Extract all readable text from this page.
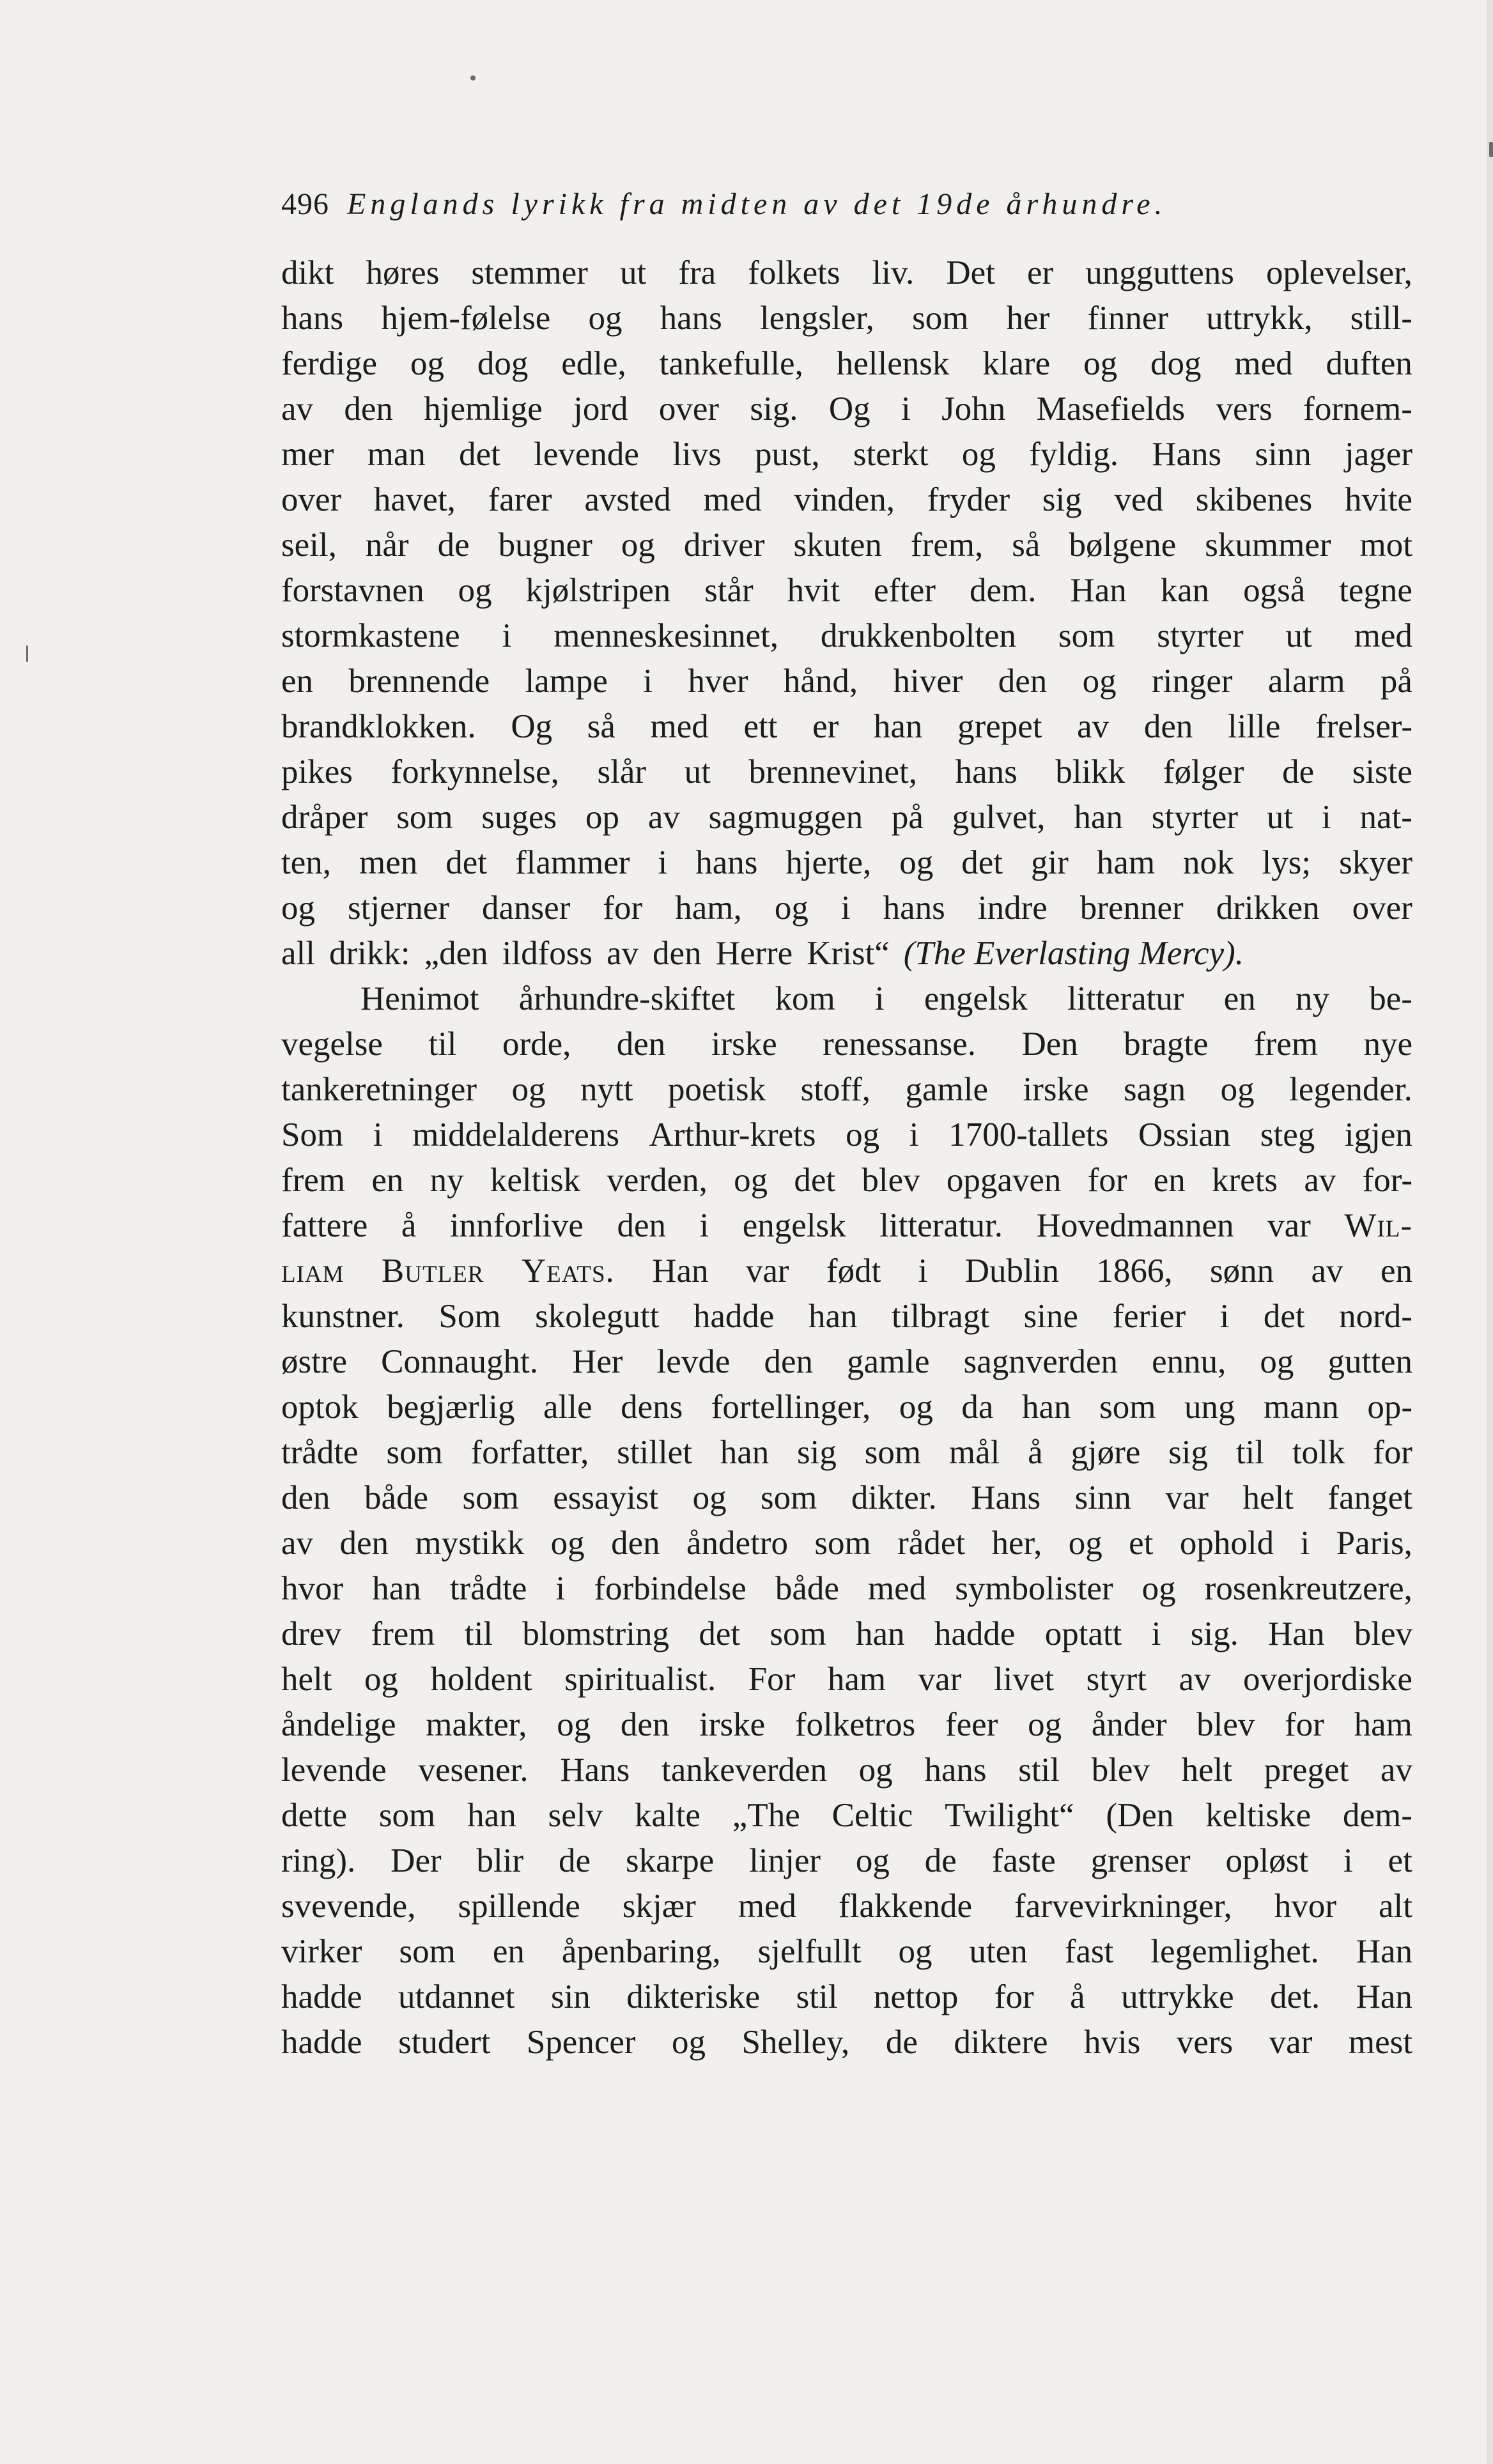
496 Englands lyrikk fra midten av det 19de århundre.
dikt høres stemmer ut fra folkets liv. Det er ungguttens oplevelser,
hans hjem-følelse og hans lengsler, som her finner uttrykk, still-
ferdige og dog edle, tankefulle, hellensk klare og dog med duften
av den hjemlige jord over sig. Og i John Masefields vers fornem-
mer man det levende livs pust, sterkt og fyldig. Hans sinn jager
over havet, farer avsted med vinden, fryder sig ved skibenes hvite
seil, når de bugner og driver skuten frem, så bølgene skummer mot
forstavnen og kjølstripen står hvit efter dem. Han kan også tegne
stormkastene i menneskesinnet, drukkenbolten som styrter ut med
en brennende lampe i hver hånd, hiver den og ringer alarm på
brandklokken. Og så med ett er han grepet av den lille frelser-
pikes forkynnelse, slår ut brennevinet, hans blikk følger de siste
dråper som suges op av sagmuggen på gulvet, han styrter ut i nat-
ten, men det flammer i hans hjerte, og det gir ham nok lys; skyer
og stjerner danser for ham, og i hans indre brenner drikken over
all drikk: „den ildfoss av den Herre Krist“ (The Everlasting Mercy).
Henimot århundre-skiftet kom i engelsk litteratur en ny be-
vegelse til orde, den irske renessanse. Den bragte frem nye
tankeretninger og nytt poetisk stoff, gamle irske sagn og legender.
Som i middelalderens Arthur-krets og i 1700-tallets Ossian steg igjen
frem en ny keltisk verden, og det blev opgaven for en krets av for-
fattere å innforlive den i engelsk litteratur. Hovedmannen var Wil-
liam Butler Yeats. Han var født i Dublin 1866, sønn av en
kunstner. Som skolegutt hadde han tilbragt sine ferier i det nord-
østre Connaught. Her levde den gamle sagnverden ennu, og gutten
optok begjærlig alle dens fortellinger, og da han som ung mann op-
trådte som forfatter, stillet han sig som mål å gjøre sig til tolk for
den både som essayist og som dikter. Hans sinn var helt fanget
av den mystikk og den åndetro som rådet her, og et ophold i Paris,
hvor han trådte i forbindelse både med symbolister og rosenkreutzere,
drev frem til blomstring det som han hadde optatt i sig. Han blev
helt og holdent spiritualist. For ham var livet styrt av overjordiske
åndelige makter, og den irske folketros feer og ånder blev for ham
levende vesener. Hans tankeverden og hans stil blev helt preget av
dette som han selv kalte „The Celtic Twilight“ (Den keltiske dem-
ring). Der blir de skarpe linjer og de faste grenser opløst i et
svevende, spillende skjær med flakkende farvevirkninger, hvor alt
virker som en åpenbaring, sjelfullt og uten fast legemlighet. Han
hadde utdannet sin dikteriske stil nettop for å uttrykke det. Han
hadde studert Spencer og Shelley, de diktere hvis vers var mest
